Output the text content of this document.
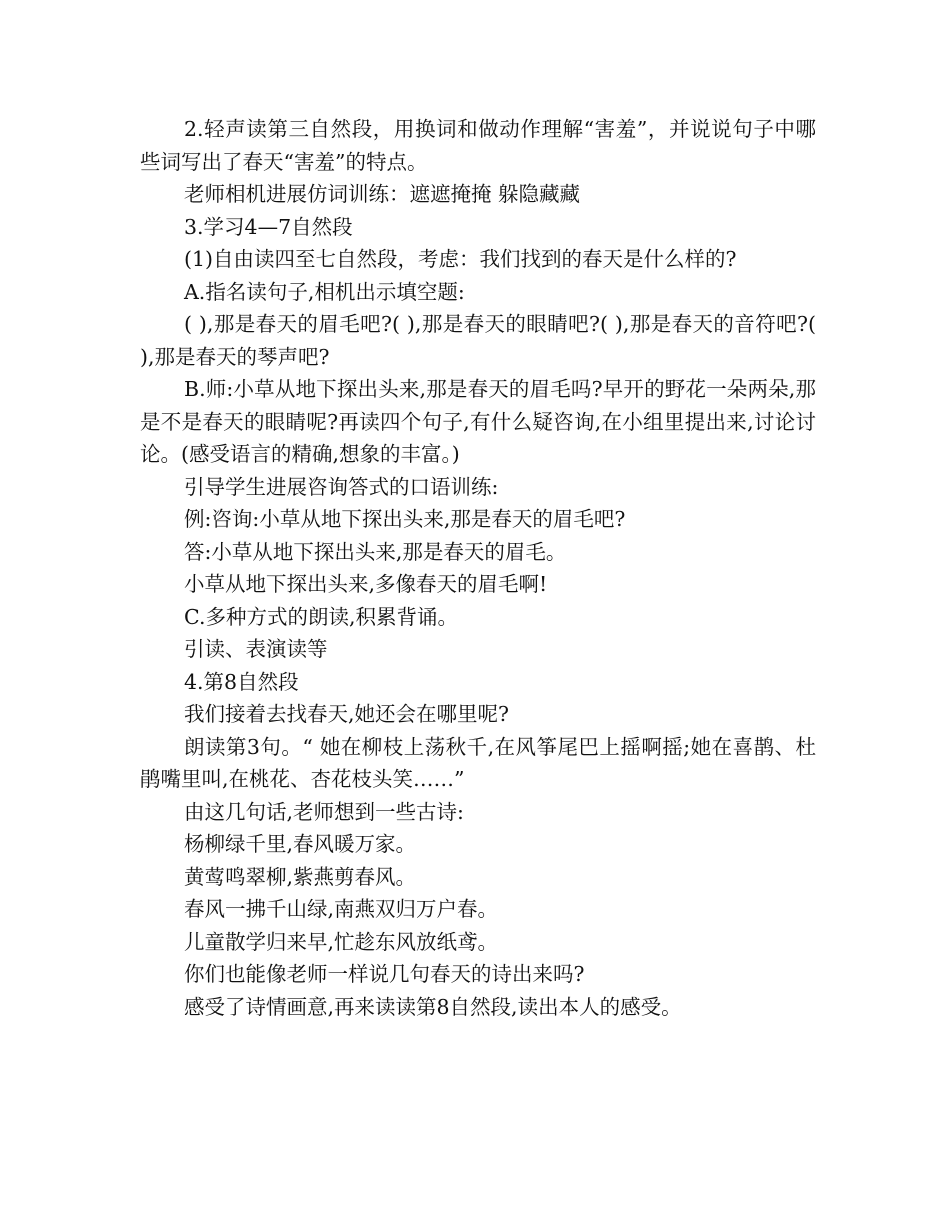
2.轻声读第三自然段，用换词和做动作理解“害羞”，并说说句子中哪些词写出了春天“害羞”的特点。

老师相机进展仿词训练：遮遮掩掩 躲隐藏藏

3.学习4—7自然段

(1)自由读四至七自然段，考虑：我们找到的春天是什么样的?

A.指名读句子,相机出示填空题:

( ),那是春天的眉毛吧?( ),那是春天的眼睛吧?( ),那是春天的音符吧?( ),那是春天的琴声吧?

B.师:小草从地下探出头来,那是春天的眉毛吗?早开的野花一朵两朵,那是不是春天的眼睛呢?再读四个句子,有什么疑咨询,在小组里提出来,讨论讨论。(感受语言的精确,想象的丰富。)

引导学生进展咨询答式的口语训练:

例:咨询:小草从地下探出头来,那是春天的眉毛吧?

答:小草从地下探出头来,那是春天的眉毛。

小草从地下探出头来,多像春天的眉毛啊!

C.多种方式的朗读,积累背诵。

引读、表演读等

4.第8自然段

我们接着去找春天,她还会在哪里呢?

朗读第3句。“ 她在柳枝上荡秋千,在风筝尾巴上摇啊摇;她在喜鹊、杜鹃嘴里叫,在桃花、杏花枝头笑……”

由这几句话,老师想到一些古诗:

杨柳绿千里,春风暖万家。

黄莺鸣翠柳,紫燕剪春风。

春风一拂千山绿,南燕双归万户春。

儿童散学归来早,忙趁东风放纸鸢。

你们也能像老师一样说几句春天的诗出来吗?

感受了诗情画意,再来读读第8自然段,读出本人的感受。
